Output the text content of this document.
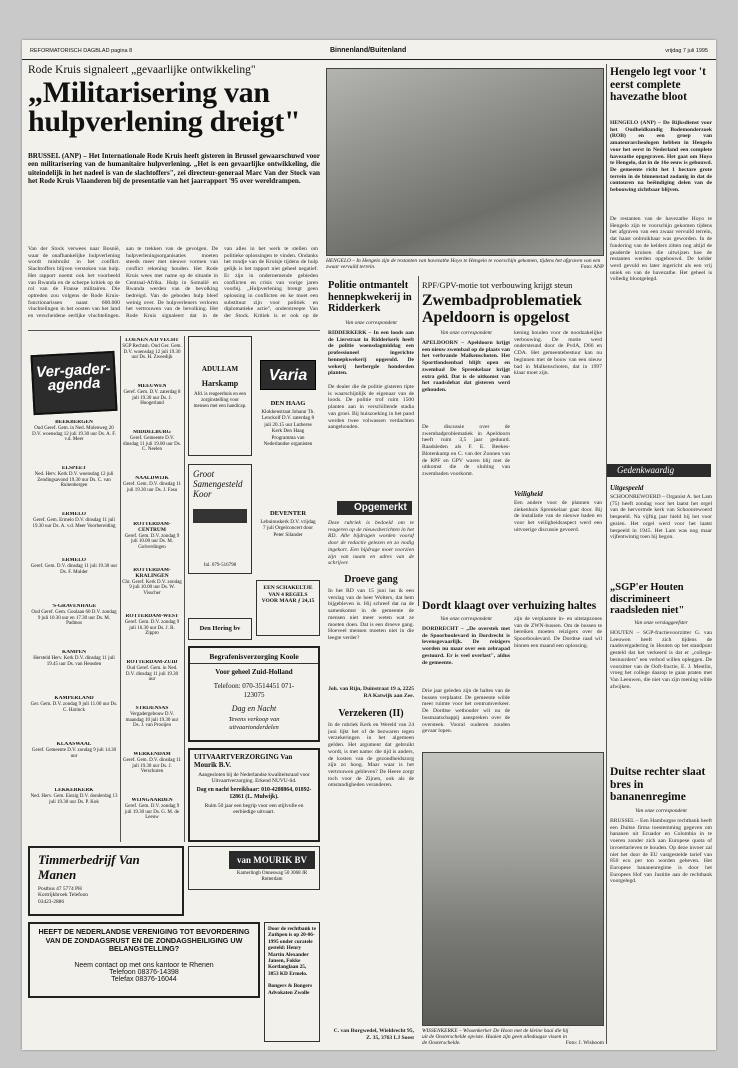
REFORMATORISCH DAGBLAD pagina 8	Binnenland/Buitenland	vrijdag 7 juli 1995
Rode Kruis signaleert „gevaarlijke ontwikkeling"
„Militarisering van hulpverlening dreigt"
BRUSSEL (ANP) – Het Internationale Rode Kruis heeft gisteren in Brussel gewaarschuwd voor een militarisering van de humanitaire hulpverlening. „Het is een gevaarlijke ontwikkeling, die uiteindelijk in het nadeel is van de slachtoffers", zei directeur-generaal Marc Van der Stock van het Rode Kruis Vlaanderen bij de presentatie van het jaarrapport '95 over wereldrampen.
Van der Stock verwees naar Bosnië, waar de onafhankelijke hulpverlening wordt misbruikt in het conflict. Slachtoffers blijven verstoken van hulp. Het rapport noemt ook het voorbeeld van Rwanda en de scherpe kritiek op de rol van de Franse militairen. Die optreden zou volgens de Rode Kruis-functionarissen naast 600.000 vluchtelingen in het oosten van het land en verscheidene eerlijke vluchtelingen.
aan te trekken van de gevolgen. De hulpverleningsorganisaties moeten steeds meer met nieuwe vormen van conflict rekening houden. Het Rode Kruis wees met name op de situatie in Centraal-Afrika. Hulp in Somalië en Rwanda werden van de bevolking bedreigd. Van de geboden hulp bleef weinig over. De hulpverleners verloren het vertrouwen van de bevolking. Het Rode Kruis signaleert dat in de
van alles in het werk te stellen om politieke oplossingen te vinden. Ondanks het rondje van de Kruisje tijdens de hulp gelijk is het rapport niet geheel negatief. Er zijn in ondernemende gebieden conflicten en crisis van vorige jaren voorbij. „Hulpverlening brengt geen oplossing in conflicten en ke moet een substituut zijn voor politiek en diplomatieke actie", onderstreepte Van der Stock. Kritiek is er ook op de
Ver-gader-agenda
ADULLAM
Harskamp
Afd. is reageerhuis en een zorginstelling voor mensen met een handicap.
Varia
DEN HAAG
Klokkenstraat Johann Th. Lenckolf D.V. zaterdag 8 juli 20.15 uur Lutherse Kerk Den Haag Programma van Nederlandse organisten
DEVENTER
Lebuinuskerk D.V. vrijdag 7 juli Orgelconcert door Peter Silander
Groot Samengesteld Koor
Inl. 079-516798
EEN SCHAKELTJE VAN 4 REGELS VOOR MAAR ƒ 24,15
Den Hering bv
Begrafenisverzorging Koole
Voor geheel Zuid-Holland
Telefoon: 070-3514451 071-123075
Dag en Nacht
Tevens verkoop van uitvaartonderdelen
UITVAARTVERZORGING Van Mourik B.V.
Aangesloten bij de Nederlandse kwaliteitsraad voor Uitvaartverzorging. Erkend NUVU-lid.
Dag en nacht bereikbaar: 010-4208864, 01892-12861 (L. Mulwijk).
Ruim 50 jaar een begrip voor een stijlvolle en eerbiedige uitvaart.
van MOURIK BV
Kamerlingh Onneswag 50 3068 JR Rotterdam
Timmerbedrijf Van Manen
Postbus 47 5774 PH Kortrijkbroek Telefoon 03423-2886
HEEFT DE NEDERLANDSE VERENIGING TOT BEVORDERING VAN DE ZONDAGSRUST EN DE ZONDAGSHEILIGING UW BELANGSTELLING?
Neem contact op met ons kantoor te Rhenen
Telefoon 08376-14398
Telefax 08376-16044
Door de rechtbank te Zuthpen is op 20-06-1995 onder curatele gesteld: Henry Martin Alexander Jansen, Fokke Kortlanglaan 25, 3853 KD Ermelo.
Bongers & Bongers Advokaten Zwolle
HENGELO – In Hengelo zijn de restanten van havezathe Hoyo te Hengelo te voorschijn gekomen, tijdens het afgraven van een zwaar vervuild terrein.	Foto: ANP
Politie ontmantelt hennepkwekerij in Ridderkerk
Van onze correspondent
RIDDERKERK – In een loods aan de Lierstraat in Ridderkerk heeft de politie woensdagmiddag een professioneel ingerichte hennepkwekerij opgerold. De wekerij herbergde honderden planten.
De dealer die de politie gisteren tipte is waarschijnlijk de eigenaar van de loods. De politie trof ruim 1500 planten aan in verschillende stadia van groei. Bij huiszoeking in het pand werden twee volwassen verdachten aangehouden.
Opgemerkt
Deze rubriek is bedoeld om te reageren op de nieuwsberichten in het RD. Alle bijdragen worden vooraf door de redactie gelezen en zo nodig ingekort. Een bijdrage moet voorzien zijn van naam en adres van de schrijver.
Droeve gang
In het RD van 15 juni las ik een verslag van de heer Wolters, dat hem bijgebleven is. Hij schreef dat na de samenkomst in de gemeente de mensen niet meer weten wat ze moeten doen. Dat is een droeve gang. Hoeveel mensen moeten niet in die leegte verder?
Joh. van Rijn, Duinstraat 19 a, 2225 RA Katwijk aan Zee.
Verzekeren (II)
In de rubriek Kerk en Wereld van 24 juni lijkt het of de bezwaren tegen verzekeringen in het algemeen gelden. Het argument dat gebruikt wordt, is met name: die tijd is anders, de kosten van de gezondheidszorg zijn zo hoog. Maar waar is het vertrouwen gebleven? De Heere zorgt toch voor de Zijnen, ook als de omstandigheden veranderen.
C. van Burgwedel, Wieldrecht 95, Z. 35, 3763 LJ Soest
RPF/GPV-motie tot verbouwing krijgt steun
Zwembadproblematiek Apeldoorn is opgelost
Van onze correspondent
APELDOORN – Apeldoorn krijgt een nieuw zwembad op de plaats van het verbrande Malkenschoten. Het Sportfondsenbad blijft open en zwembad De Sprenkelaar krijgt extra geld. Dat is de uitkomst van het raadsdebat dat gisteren werd gehouden.
De discussie over de zwembadproblematiek in Apeldoorn heeft ruim 3,5 jaar geduurd. Raadsleden als F. E. Beekes-Blotenkamp en C. van der Zonnen van de RPF en GPV waren blij met de uitkomst die de sluiting van zwembaden voorkomt.
kening houden voor de noodzakelijke verbouwing. De motie werd ondersteund door de PvdA, D66 en CDA. Het gemeentebestuur kan nu beginnen met de bouw van een nieuw bad in Malkenschoten, dat in 1997 klaar moet zijn.
Veiligheid
Een andere voor de plannen van ziekenhuis Sprenkelaar gaat door. Bij de installatie van de nieuwe baden en voor het veiligheidsaspect werd een uitvoerige discussie gevoerd.
Dordt klaagt over verhuizing haltes
Van onze correspondent
DORDRECHT – „De overstek met de Spoorboulevard in Dordrecht is levensgevaarlijk. De reizigers worden nu maar over een zebrapad gestuurd. Er is veel overlast", aldus de gemeente.
Drie jaar geleden zijn de haltes van de bussen verplaatst. De gemeente wilde meer ruimte voor het centrumverkeer. De Dordtse wethouder wil nu de busmaatschappij aanspreken over de oversteek. Vooral ouderen zouden gevaar lopen.
zijn de verplaatste in- en uitstapzones van de ZWN-bussen. Om de bussen te bereiken moeten reizigers over de Spoorboulevard. De Dordtse raad wil binnen een maand een oplossing.
WISSENKERKE – Wissenkerker De Hoon met de kleine haai die hij uit de Oosterschelde opviste. Haaien zijn geen alledaagse vissen in de Oosterschelde.	Foto: J. Wisboom
Hengelo legt voor 't eerst complete havezathe bloot
HENGELO (ANP) – De Rijksdienst voor het Oudheidkundig Bodemonderzoek (ROB) en een groep van amateurarcheologen hebben in Hengelo voor het eerst in Nederland een complete havezathe opgegraven. Het gaat om Hoyo te Hengelo, dat in de 16e eeuw is gebouwd. De gemeente richt het 1 hectare grote terrein in de binnenstad zodanig in dat de contouren na beëindiging delen van de bebouwing zichtbaar blijven.
De restanten van de havezathe Hoyo te Hengelo zijn te voorschijn gekomen tijdens het afgraven van een zwaar vervuild terrein, dat haast onbruikbaar was geworden. In de fundering van de kelders zitten nog altijd de geaderde kruisen die uitwijzen hoe de restanten werden opgebouwd. De kelder werd gevuld en later ingericht als een vrij uniek en van de havezathe. Het geheel is volledig blootgelegd.
Gedenkwaardig
Uitgespeeld
SCHOONREWOERD – Organist A. het Lam (75) heeft zondag voor het laatst het orgel van de hervormde kerk van Schoonrewoerd bespeeld. Na vijftig jaar hield hij het voor gezien. Het orgel werd voor het laatst bespeeld in 1945. Het Lam was nog maar vijfentwintig toen hij begon.
„SGP'er Houten discrimineert raadsleden niet"
Van onze verslaggeefster
HOUTEN – SGP-fractievoorzitter G. van Leeuwen heeft zich tijdens de raadsvergadering in Houten op het standpunt gesteld dat het verkeerd is dat er „collega-bestuurders" een verbod willen opleggen. De voorzitter van de Ooft-fractie, E. J. Mestlin, vroeg het college daarop te gaan praten met Van Leeuwen, die niet van zijn mening wilde afwijken.
Duitse rechter slaat bres in bananenregime
Van onze correspondent
BRUSSEL – Een Hamburgse rechtbank heeft een Duitse firma toestemming gegeven om bananen uit Ecuador en Colombia in te voeren zonder zich aan Europese quota of invoertarieven te houden. Op deze invoer zal niet het door de EU vastgestelde tarief van 850 ecu per ton worden geheven. Het Europese bananenregime is door het Europees Hof van Justitie aan de rechtbank voorgelegd.
BEEKBERGEN
Oud Geref. Gem. in Ned. Molenweg 20 D.V. woensdag 12 juli 19.30 uur Ds. A. F. v.d. Meer
ELSPEET
Ned. Herv. Kerk D.V. woensdag 12 juli Zendingsavond 19.30 uur Ds. C. van Ruitenbergen
ERMELO
Geref. Gem. Ermelo D.V. dinsdag 11 juli 19.30 uur Ds. A. v.d. Meer Voorbereiding
ERMELO
Geref. Gem. D.V. dinsdag 11 juli 19.30 uur Ds. F. Mulder
'S-GRAVENHAGE
Oud Geref. Gem. Goolaan 60 D.V. zondag 9 juli 10.30 uur en 17.30 uur Ds. M. Padmos
KAMPEN
Hersteld Herv. Kerk D.V. dinsdag 11 juli 19.45 uur Ds. van Heusden
KAMPERLAND
Ger. Gem. D.V. zondag 9 juli 11.00 uur Ds. C. Harinck
KLAASWAAL
Geref. Gemeente D.V. zondag 9 juli 14.30 uur
LEKKERKERK
Ned. Herv. Gem. Eiezig D.V. donderdag 13 juli 19.30 uur Ds. P. Kok
LOENEN A/D VECHT
SGP Rechtsh. Oud Ger. Gem. D.V. woensdag 12 juli 19.30 uur Ds. H. Zweedijk
MEEUWEN
Geref. Gem. D.V. zaterdag 8 juli 19.30 uur Ds. J. Hoogerland
MIDDELBURG
Geref. Gemeente D.V. dinsdag 11 juli 19.00 uur Ds. C. Neelen
NAALDWIJK
Geref. Gem. D.V. dinsdag 11 juli 19.30 uur Ds. J. Fasu
ROTTERDAM-CENTRUM
Geref. Gem. D.V. zondag 9 juli 10.00 uur Ds. M. Golverdingen
ROTTERDAM-KRALINGEN
Chr. Geref. Kerk D.V. zondag 9 juli 10.00 uur Ds. W. Visscher
ROTTERDAM-WEST
Geref. Gem. D.V. zondag 9 juli 16.30 uur Ds. J. B. Zippro
ROTTERDAM-ZUID
Oud Geref. Gem. in Ned. D.V. dinsdag 11 juli 19.30 uur
STRIJENSAS
Vergadergebouw D.V. maandag 10 juli 19.30 uur Ds. J. van Prooijen
WERKENDAM
Geref. Gem. D.V. dinsdag 11 juli 19.30 uur Ds. J. Verschuren
WIJNGAARDEN
Geref. Gem. D.V. zondag 9 juli 19.30 uur Ds. G. M. de Leeuw
